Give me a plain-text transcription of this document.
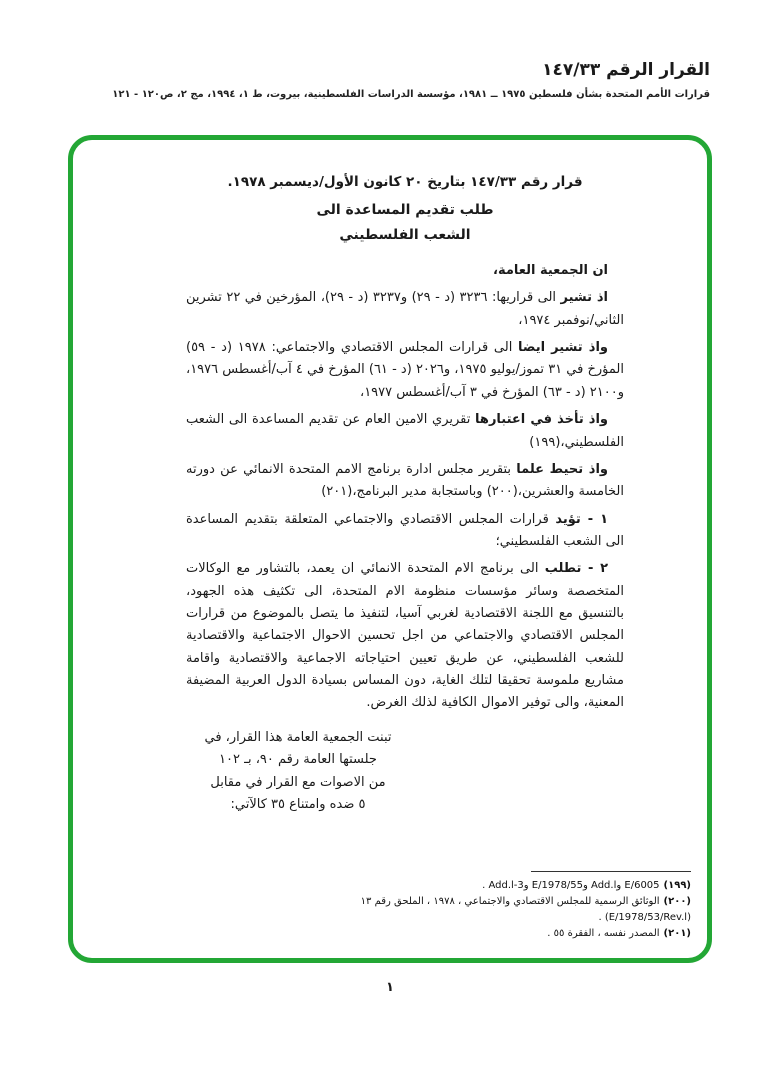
القرار الرقم ١٤٧/٣٣
قرارات الأمم المتحدة بشأن فلسطين ١٩٧٥ ــ ١٩٨١، مؤسسة الدراسات الفلسطينية، بيروت، ط ١، ١٩٩٤، مج ٢، ص١٢٠ - ١٢١
قرار رقم ١٤٧/٣٣ بتاريخ ٢٠ كانون الأول/ديسمبر ١٩٧٨.
طلب تقديم المساعدة الى
الشعب الفلسطيني

ان الجمعية العامة،

اذ تشير الى قراريها: ٣٢٣٦ (د - ٢٩) و٣٢٣٧ (د - ٢٩)، المؤرخين في ٢٢ تشرين الثاني/نوفمبر ١٩٧٤،

واذ تشير ايضا الى قرارات المجلس الاقتصادي والاجتماعي: ١٩٧٨ (د - ٥٩) المؤرخ في ٣١ تموز/يوليو ١٩٧٥، و٢٠٢٦ (د - ٦١) المؤرخ في ٤ آب/أغسطس ١٩٧٦، و٢١٠٠ (د - ٦٣) المؤرخ في ٣ آب/أغسطس ١٩٧٧،

واذ تأخذ في اعتبارها تقريري الامين العام عن تقديم المساعدة الى الشعب الفلسطيني،(١٩٩)

واذ تحيط علما بتقرير مجلس ادارة برنامج الامم المتحدة الانمائي عن دورته الخامسة والعشرين،(٢٠٠) وباستجابة مدير البرنامج،(٢٠١)

١ - تؤيد قرارات المجلس الاقتصادي والاجتماعي المتعلقة بتقديم المساعدة الى الشعب الفلسطيني؛

٢ - تطلب الى برنامج الام المتحدة الانمائي ان يعمد، بالتشاور مع الوكالات المتخصصة وسائر مؤسسات منظومة الام المتحدة، الى تكثيف هذه الجهود، بالتنسيق مع اللجنة الاقتصادية لغربي آسيا، لتنفيذ ما يتصل بالموضوع من قرارات المجلس الاقتصادي والاجتماعي من اجل تحسين الاحوال الاجتماعية والاقتصادية للشعب الفلسطيني، عن طريق تعيين احتياجاته الاجماعية والاقتصادية واقامة مشاريع ملموسة تحقيقا لتلك الغاية، دون المساس بسيادة الدول العربية المضيفة المعنية، والى توفير الاموال الكافية لذلك الغرض.

تبنت الجمعية العامة هذا القرار، في
جلستها العامة رقم ٩٠، بـ ١٠٢
من الاصوات مع القرار في مقابل
٥ ضده وامتناع ٣٥ كالآتي:
(١٩٩)E/6005 وAdd.l وE/1978/55 وAdd.l-3 .
(٢٠٠)الوثائق الرسمية للمجلس الاقتصادي والاجتماعي ، ١٩٧٨ ، الملحق رقم ١٣ (E/1978/53/Rev.l) .
(٢٠١)المصدر نفسه ، الفقرة ٥٥ .
١
